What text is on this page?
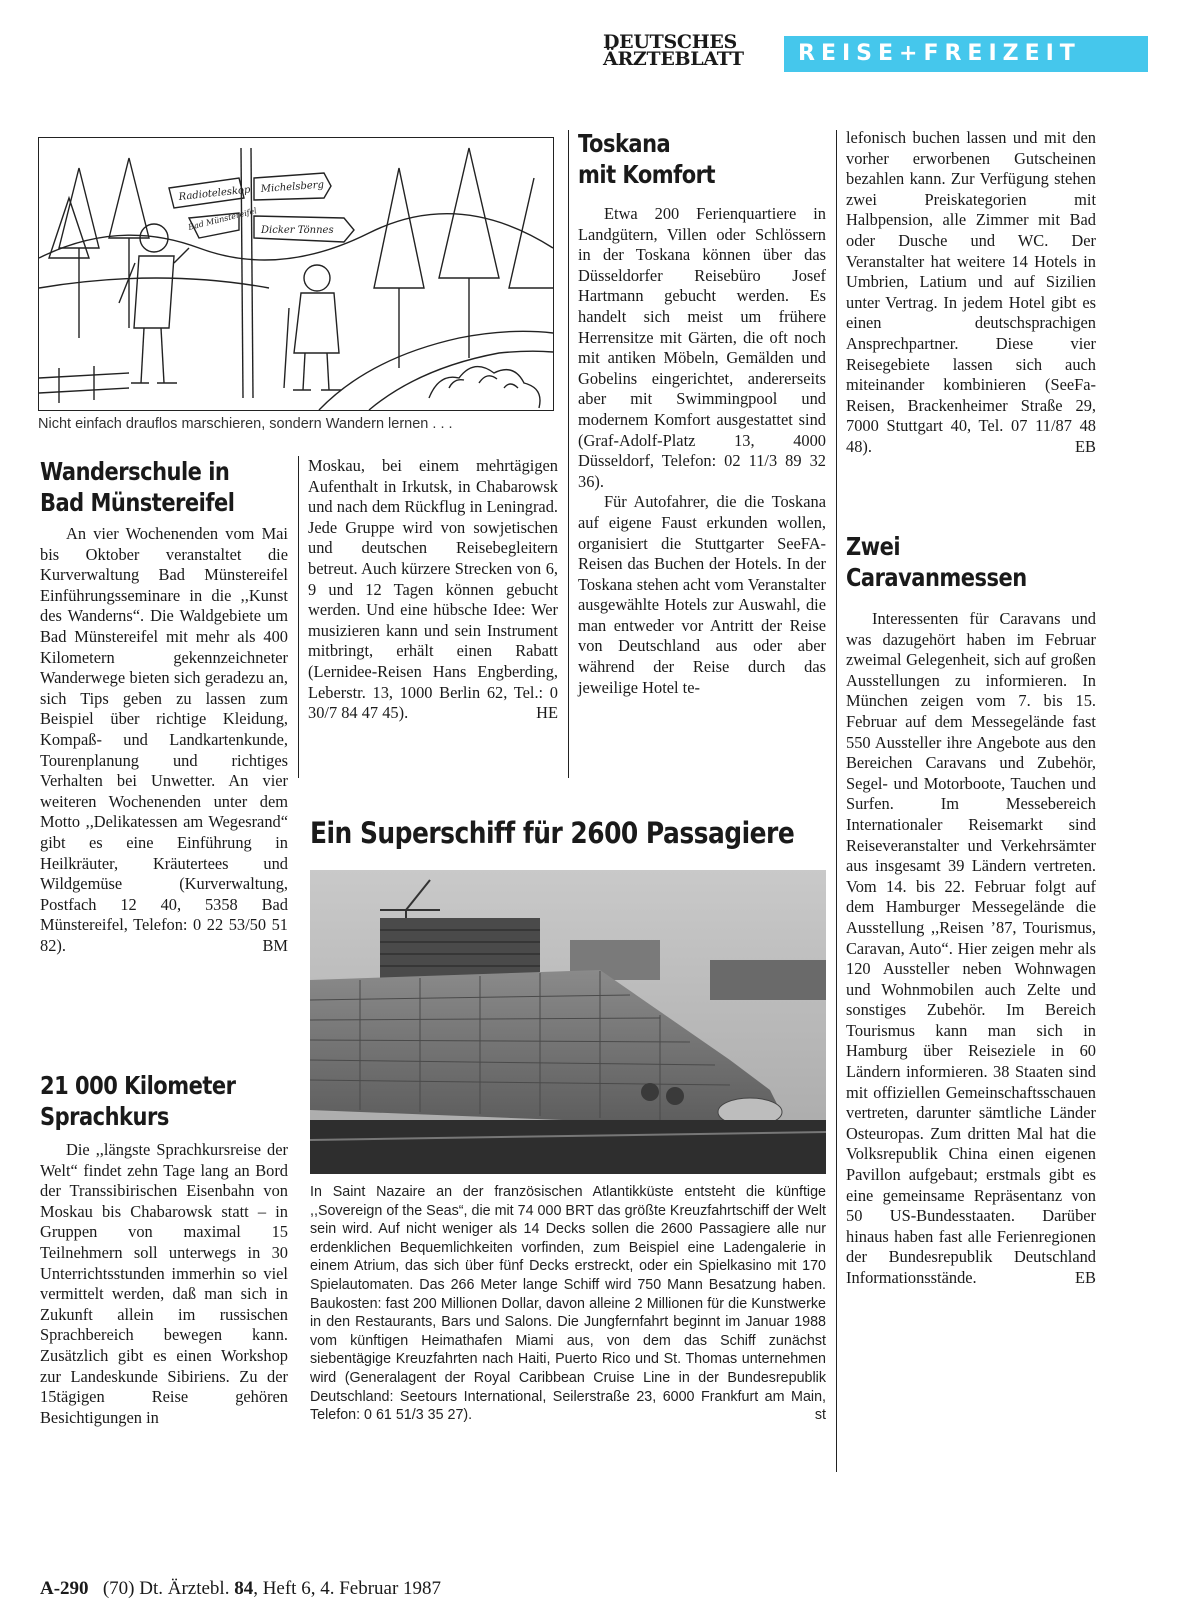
DEUTSCHES
ÄRZTEBLATT	REISE+FREIZEIT
Radioteleskop Michelsberg
Bad Münstereifel Dicker Tönnes
Nicht einfach drauflos marschieren, sondern Wandern lernen . . .
Wanderschule in
Bad Münstereifel

An vier Wochenenden vom Mai bis Oktober veranstaltet die Kurverwaltung Bad Münstereifel Einführungsseminare in die ,,Kunst des Wanderns“. Die Waldgebiete um Bad Münstereifel mit mehr als 400 Kilometern gekennzeichneter Wanderwege bieten sich geradezu an, sich Tips geben zu lassen zum Beispiel über richtige Kleidung, Kompaß- und Landkartenkunde, Tourenplanung und richtiges Verhalten bei Unwetter. An vier weiteren Wochenenden unter dem Motto ,,Delikatessen am Wegesrand“ gibt es eine Einführung in Heilkräuter, Kräutertees und Wildgemüse (Kurverwaltung, Postfach 12 40, 5358 Bad Münstereifel, Telefon: 0 22 53/50 51 82).	BM

21 000 Kilometer
Sprachkurs

Die ,,längste Sprachkursreise der Welt“ findet zehn Tage lang an Bord der Transsibirischen Eisenbahn von Moskau bis Chabarowsk statt – in Gruppen von maximal 15 Teilnehmern soll unterwegs in 30 Unterrichtsstunden immerhin so viel vermittelt werden, daß man sich in Zukunft allein im russischen Sprachbereich bewegen kann. Zusätzlich gibt es einen Workshop zur Landeskunde Sibiriens. Zu der 15tägigen Reise gehören Besichtigungen in

Moskau, bei einem mehrtägigen Aufenthalt in Irkutsk, in Chabarowsk und nach dem Rückflug in Leningrad. Jede Gruppe wird von sowjetischen und deutschen Reisebegleitern betreut. Auch kürzere Strecken von 6, 9 und 12 Tagen können gebucht werden. Und eine hübsche Idee: Wer musizieren kann und sein Instrument mitbringt, erhält einen Rabatt (Lernidee-Reisen Hans Engberding, Leberstr. 13, 1000 Berlin 62, Tel.: 0 30/7 84 47 45).	HE

Toskana
mit Komfort

Etwa 200 Ferienquartiere in Landgütern, Villen oder Schlössern in der Toskana können über das Düsseldorfer Reisebüro Josef Hartmann gebucht werden. Es handelt sich meist um frühere Herrensitze mit Gärten, die oft noch mit antiken Möbeln, Gemälden und Gobelins eingerichtet, andererseits aber mit Swimmingpool und modernem Komfort ausgestattet sind (Graf-Adolf-Platz 13, 4000 Düsseldorf, Telefon: 02 11/3 89 32 36).

Für Autofahrer, die die Toskana auf eigene Faust erkunden wollen, organisiert die Stuttgarter SeeFA-Reisen das Buchen der Hotels. In der Toskana stehen acht vom Veranstalter ausgewählte Hotels zur Auswahl, die man entweder vor Antritt der Reise von Deutschland aus oder aber während der Reise durch das jeweilige Hotel te-

lefonisch buchen lassen und mit den vorher erworbenen Gutscheinen bezahlen kann. Zur Verfügung stehen zwei Preiskategorien mit Halbpension, alle Zimmer mit Bad oder Dusche und WC. Der Veranstalter hat weitere 14 Hotels in Umbrien, Latium und auf Sizilien unter Vertrag. In jedem Hotel gibt es einen deutschsprachigen Ansprechpartner. Diese vier Reisegebiete lassen sich auch miteinander kombinieren (SeeFa-Reisen, Brackenheimer Straße 29, 7000 Stuttgart 40, Tel. 07 11/87 48 48).	EB

Ein Superschiff für 2600 Passagiere
In Saint Nazaire an der französischen Atlantikküste entsteht die künftige ,,Sovereign of the Seas“, die mit 74 000 BRT das größte Kreuzfahrtschiff der Welt sein wird. Auf nicht weniger als 14 Decks sollen die 2600 Passagiere alle nur erdenklichen Bequemlichkeiten vorfinden, zum Beispiel eine Ladengalerie in einem Atrium, das sich über fünf Decks erstreckt, oder ein Spielkasino mit 170 Spielautomaten. Das 266 Meter lange Schiff wird 750 Mann Besatzung haben. Baukosten: fast 200 Millionen Dollar, davon alleine 2 Millionen für die Kunstwerke in den Restaurants, Bars und Salons. Die Jungfernfahrt beginnt im Januar 1988 vom künftigen Heimathafen Miami aus, von dem das Schiff zunächst siebentägige Kreuzfahrten nach Haiti, Puerto Rico und St. Thomas unternehmen wird (Generalagent der Royal Caribbean Cruise Line in der Bundesrepublik Deutschland: Seetours International, Seilerstraße 23, 6000 Frankfurt am Main, Telefon: 0 61 51/3 35 27).	st
Zwei
Caravanmessen

Interessenten für Caravans und was dazugehört haben im Februar zweimal Gelegenheit, sich auf großen Ausstellungen zu informieren. In München zeigen vom 7. bis 15. Februar auf dem Messegelände fast 550 Aussteller ihre Angebote aus den Bereichen Caravans und Zubehör, Segel- und Motorboote, Tauchen und Surfen. Im Messebereich Internationaler Reisemarkt sind Reiseveranstalter und Verkehrsämter aus insgesamt 39 Ländern vertreten. Vom 14. bis 22. Februar folgt auf dem Hamburger Messegelände die Ausstellung ,,Reisen ’87, Tourismus, Caravan, Auto“. Hier zeigen mehr als 120 Aussteller neben Wohnwagen und Wohnmobilen auch Zelte und sonstiges Zubehör. Im Bereich Tourismus kann man sich in Hamburg über Reiseziele in 60 Ländern informieren. 38 Staaten sind mit offiziellen Gemeinschaftsschauen vertreten, darunter sämtliche Länder Osteuropas. Zum dritten Mal hat die Volksrepublik China einen eigenen Pavillon aufgebaut; erstmals gibt es eine gemeinsame Repräsentanz von 50 US-Bundesstaaten. Darüber hinaus haben fast alle Ferienregionen der Bundesrepublik Deutschland Informationsstände.	EB

A-290 (70) Dt. Ärztebl. 84, Heft 6, 4. Februar 1987
